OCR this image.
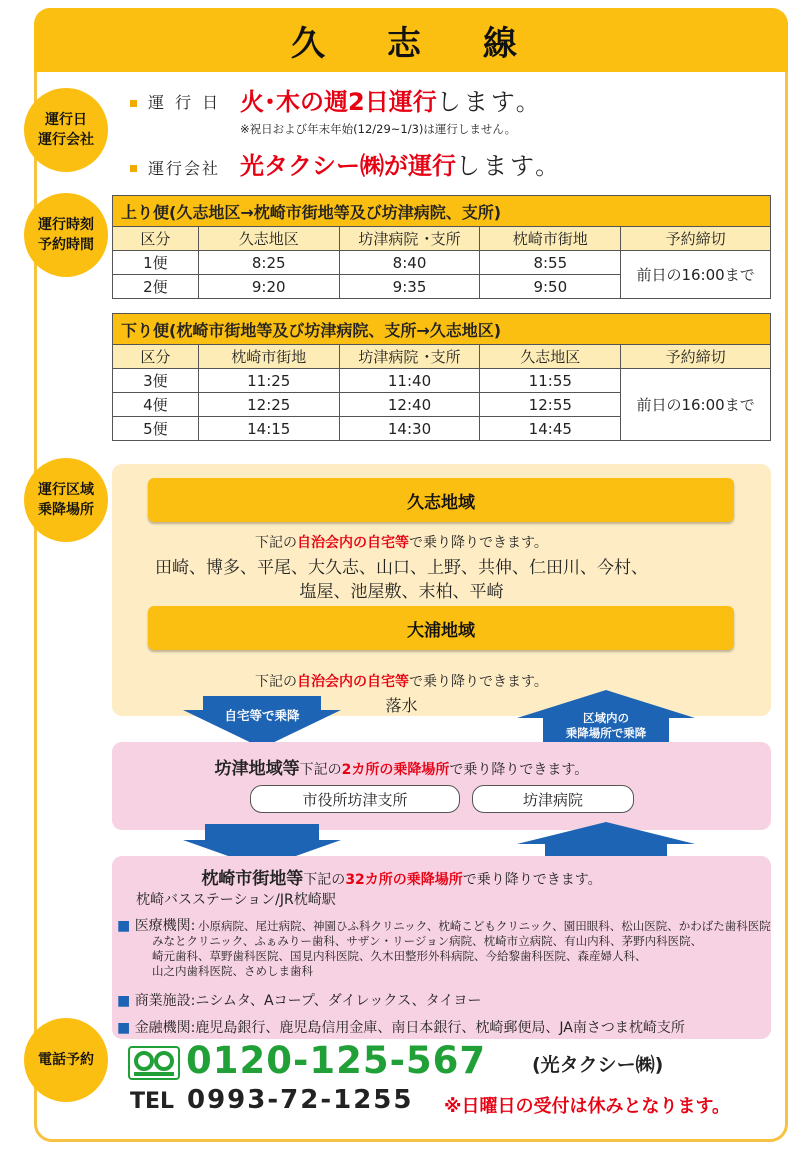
久　志　線
運行日
運行会社
運行時刻
予約時間
運行区域
乗降場所
電話予約
運 行 日 火･木の週2日運行します。
※祝日および年末年始(12/29~1/3)は運行しません。
運行会社 光タクシー㈱が運行します。
上り便(久志地区→枕崎市街地等及び坊津病院、支所)				
区分	久志地区	坊津病院 ･支所	枕崎市街地	予約締切
1便	8:25	8:40	8:55	前日の16:00まで
2便	9:20	9:35	9:50	
下り便(枕崎市街地等及び坊津病院、支所→久志地区)				
区分	枕崎市街地	坊津病院 ･支所	久志地区	予約締切
3便	11:25	11:40	11:55	前日の16:00まで
4便	12:25	12:40	12:55	
5便	14:15	14:30	14:45	
久志地域
下記の自治会内の自宅等で乗り降りできます。
田崎、博多、平尾、大久志、山口、上野、共伸、仁田川、今村、
塩屋、池屋敷、末柏、平崎
大浦地域
下記の自治会内の自宅等で乗り降りできます。
落水
自宅等で乗降	区域内の
乗降場所で乗降
坊津地域等下記の2カ所の乗降場所で乗り降りできます。
市役所坊津支所	坊津病院
枕崎市街地等下記の32カ所の乗降場所で乗り降りできます。
枕崎バスステーション/JR枕崎駅
■ 医療機関: 小原病院、尾辻病院、神園ひふ科クリニック、枕崎こどもクリニック、園田眼科、松山医院、かわばた歯科医院
みなとクリニック、ふぁみりー歯科、サザン・リージョン病院、枕崎市立病院、有山内科、茅野内科医院、
崎元歯科、草野歯科医院、国見内科医院、久木田整形外科病院、今給黎歯科医院、森産婦人科、
山之内歯科医院、さめしま歯科
■ 商業施設:ニシムタ、Aコープ、ダイレックス、タイヨー
■ 金融機関:鹿児島銀行、鹿児島信用金庫、南日本銀行、枕崎郵便局、JA南さつま枕崎支所
0120-125-567 (光タクシー㈱)
TEL 0993-72-1255 ※日曜日の受付は休みとなります。
